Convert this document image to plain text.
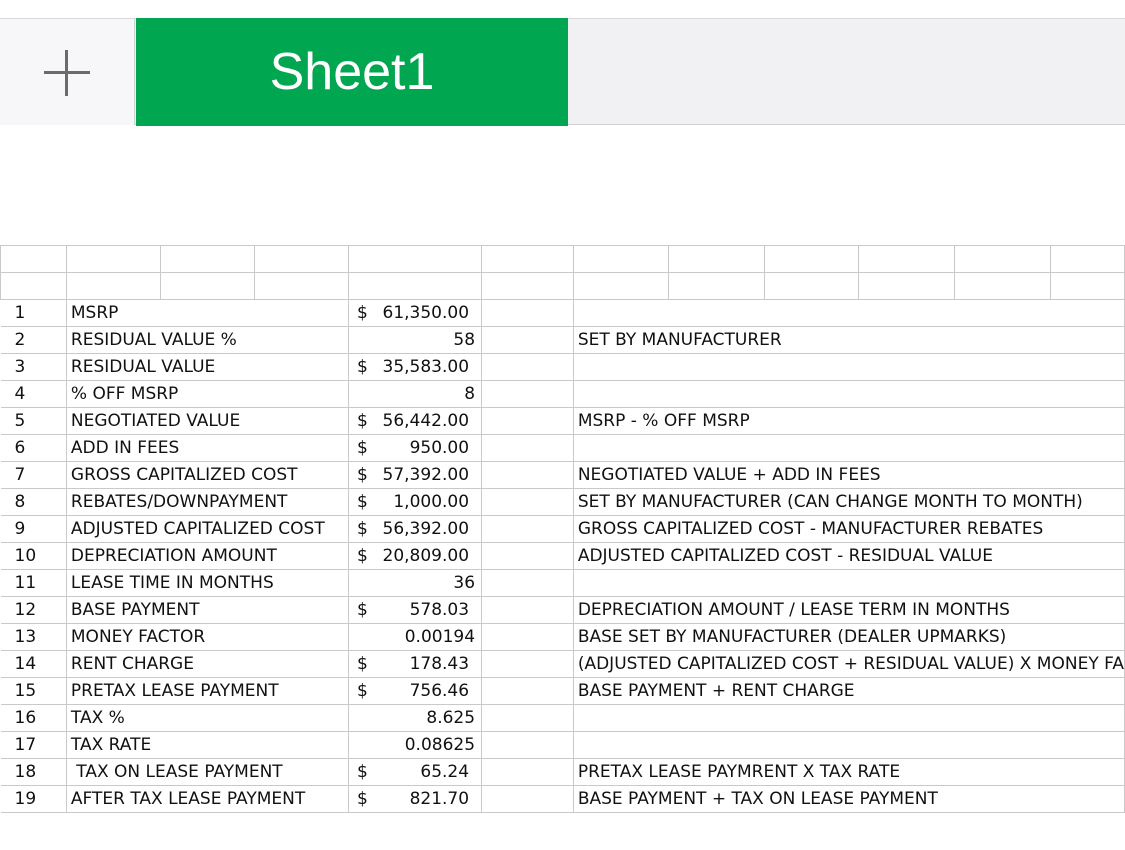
Sheet1

1	MSRP			$ 61,350.00							

2	RESIDUAL VALUE %			58		SET BY MANUFACTURER					
3	RESIDUAL VALUE			$ 35,583.00							

4	% OFF MSRP			8							
5	NEGOTIATED VALUE			$ 56,442.00		MSRP - % OFF MSRP					
6	ADD IN FEES			$ 950.00							

7	GROSS CAPITALIZED COST			$ 57,392.00		NEGOTIATED VALUE + ADD IN FEES					
8	REBATES/DOWNPAYMENT			$ 1,000.00		SET BY MANUFACTURER (CAN CHANGE MONTH TO MONTH)					
9	ADJUSTED CAPITALIZED COST			$ 56,392.00		GROSS CAPITALIZED COST - MANUFACTURER REBATES					
10	DEPRECIATION AMOUNT			$ 20,809.00		ADJUSTED CAPITALIZED COST - RESIDUAL VALUE					
11	LEASE TIME IN MONTHS			36							
12	BASE PAYMENT			$ 578.03		DEPRECIATION AMOUNT / LEASE TERM IN MONTHS					
13	MONEY FACTOR			0.00194		BASE SET BY MANUFACTURER (DEALER UPMARKS)					
14	RENT CHARGE			$ 178.43		(ADJUSTED CAPITALIZED COST + RESIDUAL VALUE) X MONEY FA					
15	PRETAX LEASE PAYMENT			$ 756.46		BASE PAYMENT + RENT CHARGE					
16	TAX %			8.625							
17	TAX RATE			0.08625							
18	TAX ON LEASE PAYMENT			$ 65.24		PRETAX LEASE PAYMRENT X TAX RATE					
19	AFTER TAX LEASE PAYMENT			$ 821.70		BASE PAYMENT + TAX ON LEASE PAYMENT					
